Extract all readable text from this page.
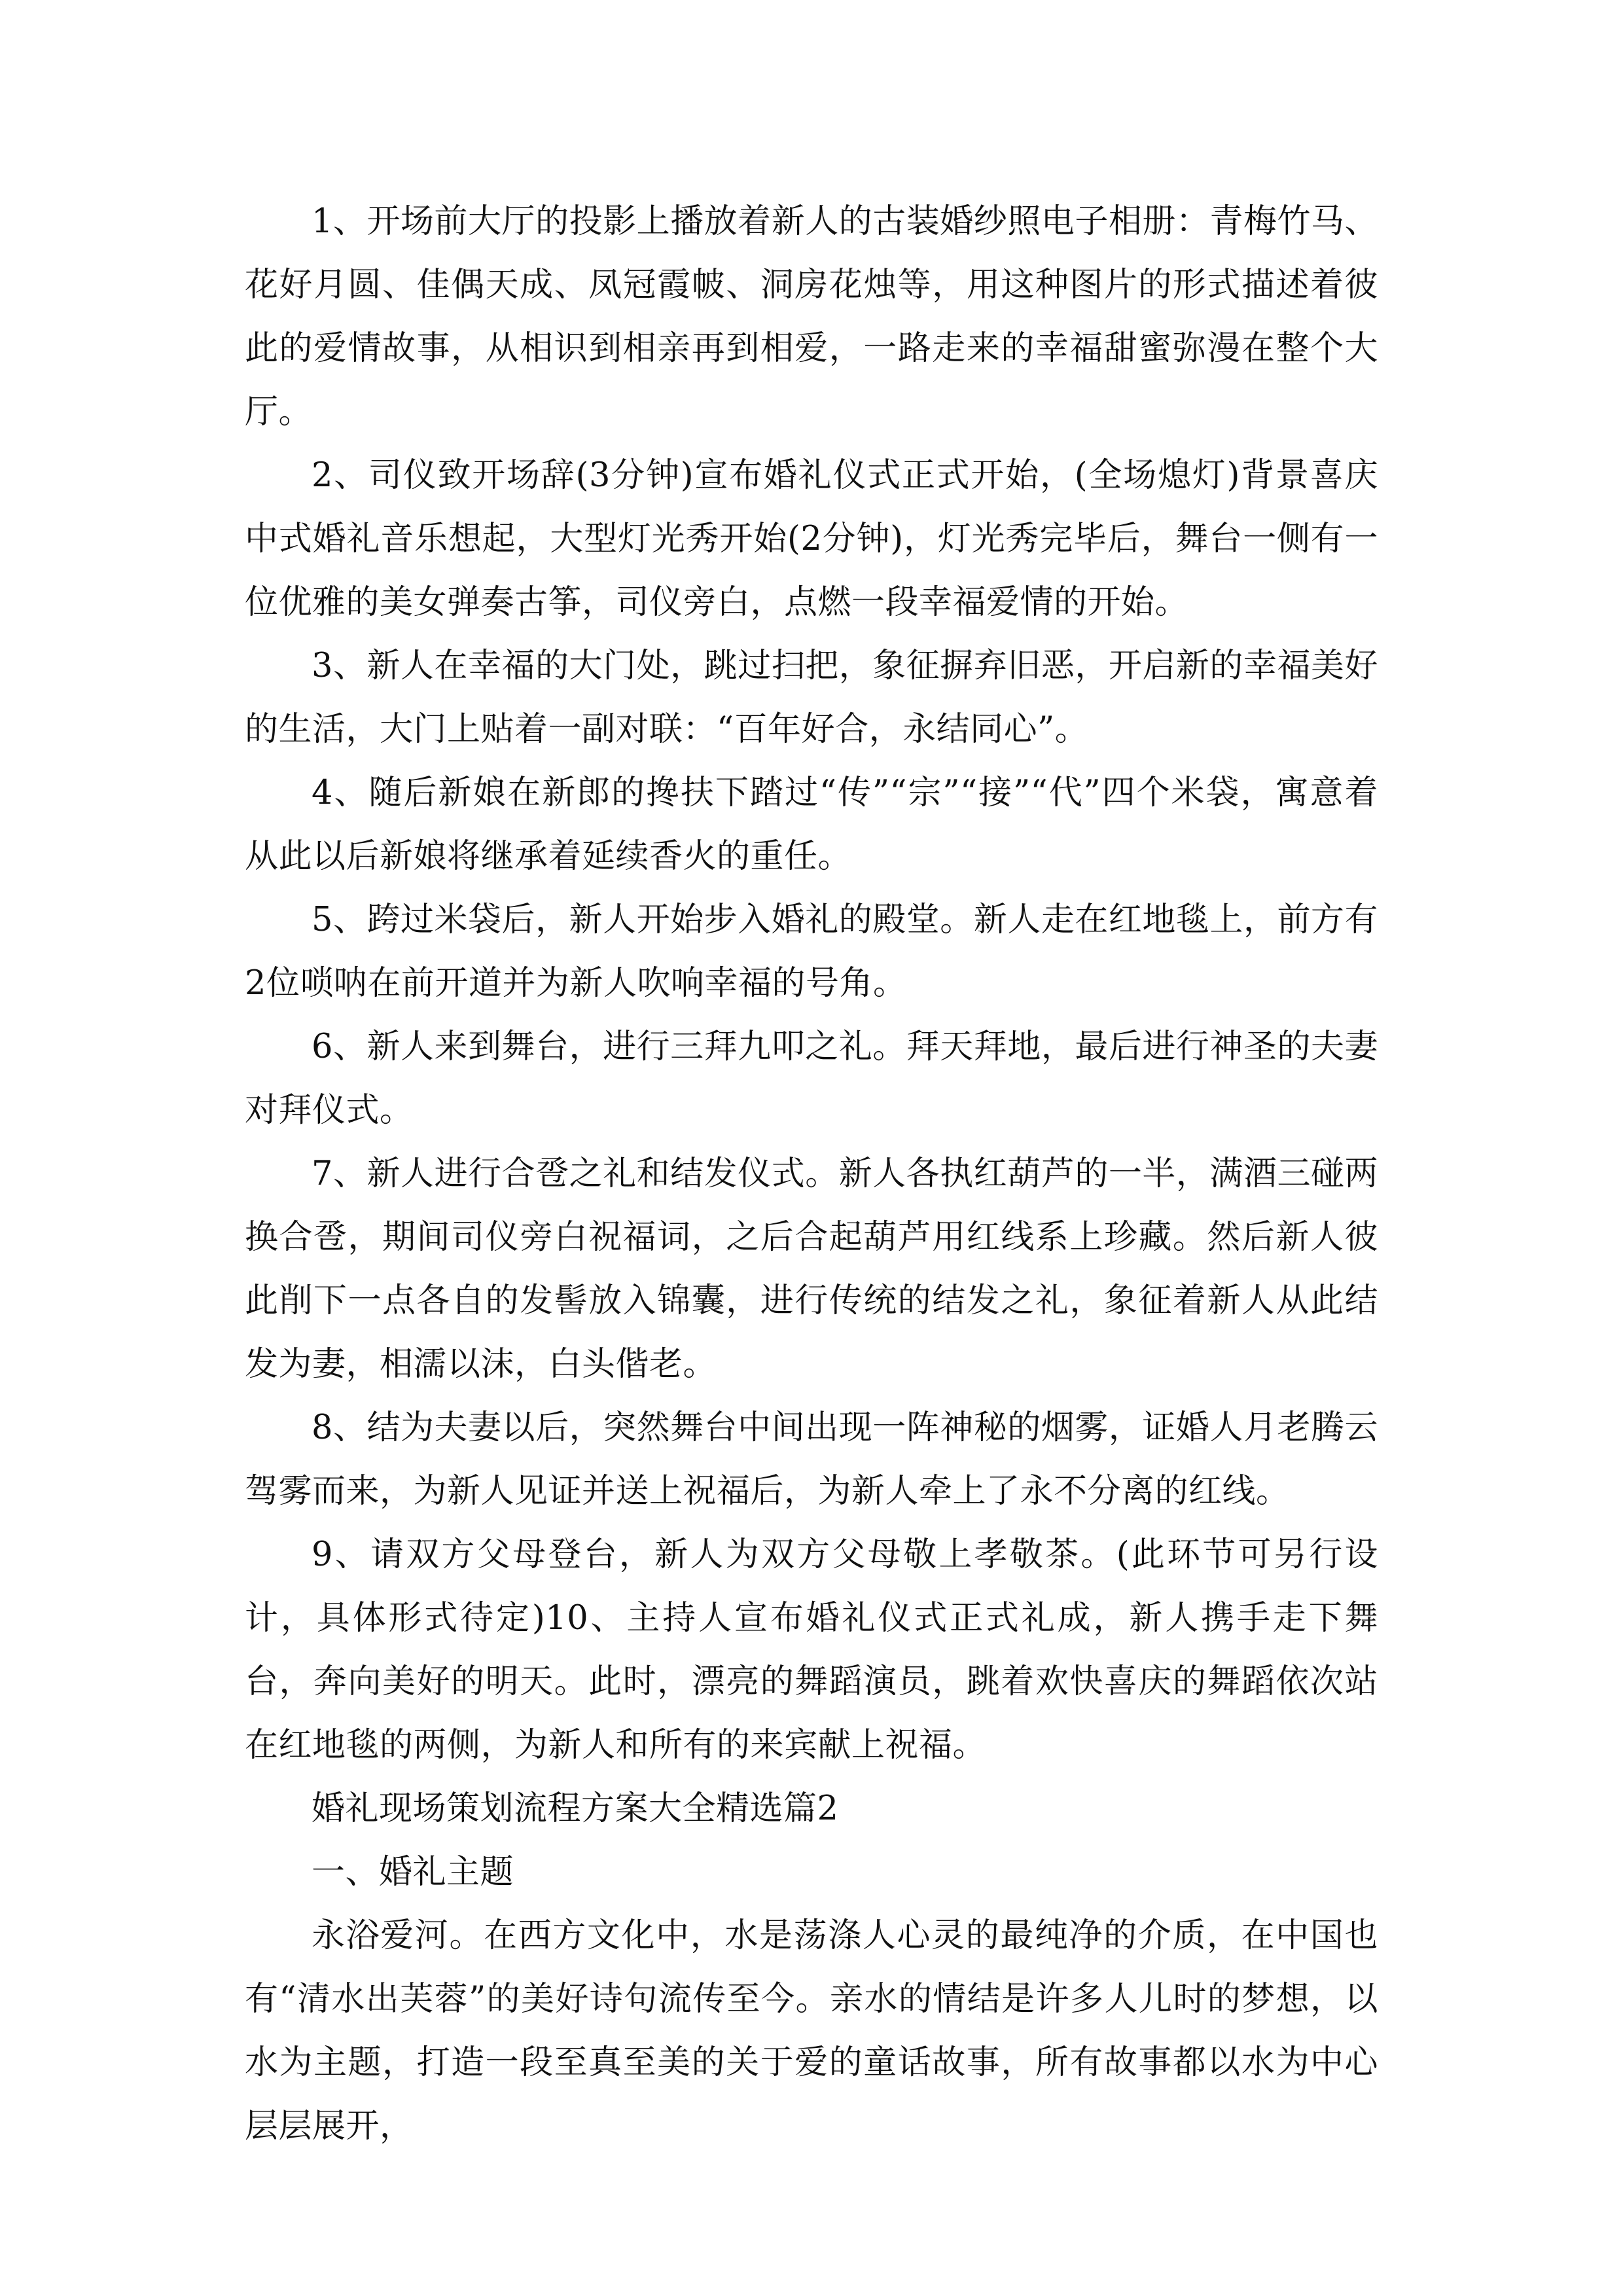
1、开场前大厅的投影上播放着新人的古装婚纱照电子相册：青梅竹马、花好月圆、佳偶天成、凤冠霞帔、洞房花烛等，用这种图片的形式描述着彼此的爱情故事，从相识到相亲再到相爱，一路走来的幸福甜蜜弥漫在整个大厅。

2、司仪致开场辞(3分钟)宣布婚礼仪式正式开始，(全场熄灯)背景喜庆中式婚礼音乐想起，大型灯光秀开始(2分钟)，灯光秀完毕后，舞台一侧有一位优雅的美女弹奏古筝，司仪旁白，点燃一段幸福爱情的开始。

3、新人在幸福的大门处，跳过扫把，象征摒弃旧恶，开启新的幸福美好的生活，大门上贴着一副对联：“百年好合，永结同心”。

4、随后新娘在新郎的搀扶下踏过“传”“宗”“接”“代”四个米袋，寓意着从此以后新娘将继承着延续香火的重任。

5、跨过米袋后，新人开始步入婚礼的殿堂。新人走在红地毯上，前方有2位唢呐在前开道并为新人吹响幸福的号角。

6、新人来到舞台，进行三拜九叩之礼。拜天拜地，最后进行神圣的夫妻对拜仪式。

7、新人进行合卺之礼和结发仪式。新人各执红葫芦的一半，满酒三碰两换合卺，期间司仪旁白祝福词，之后合起葫芦用红线系上珍藏。然后新人彼此削下一点各自的发髻放入锦囊，进行传统的结发之礼，象征着新人从此结发为妻，相濡以沫，白头偕老。

8、结为夫妻以后，突然舞台中间出现一阵神秘的烟雾，证婚人月老腾云驾雾而来，为新人见证并送上祝福后，为新人牵上了永不分离的红线。

9、请双方父母登台，新人为双方父母敬上孝敬茶。(此环节可另行设计，具体形式待定)10、主持人宣布婚礼仪式正式礼成，新人携手走下舞台，奔向美好的明天。此时，漂亮的舞蹈演员，跳着欢快喜庆的舞蹈依次站在红地毯的两侧，为新人和所有的来宾献上祝福。

婚礼现场策划流程方案大全精选篇2

一、婚礼主题

永浴爱河。在西方文化中，水是荡涤人心灵的最纯净的介质，在中国也有“清水出芙蓉”的美好诗句流传至今。亲水的情结是许多人儿时的梦想，以水为主题，打造一段至真至美的关于爱的童话故事，所有故事都以水为中心层层展开，
